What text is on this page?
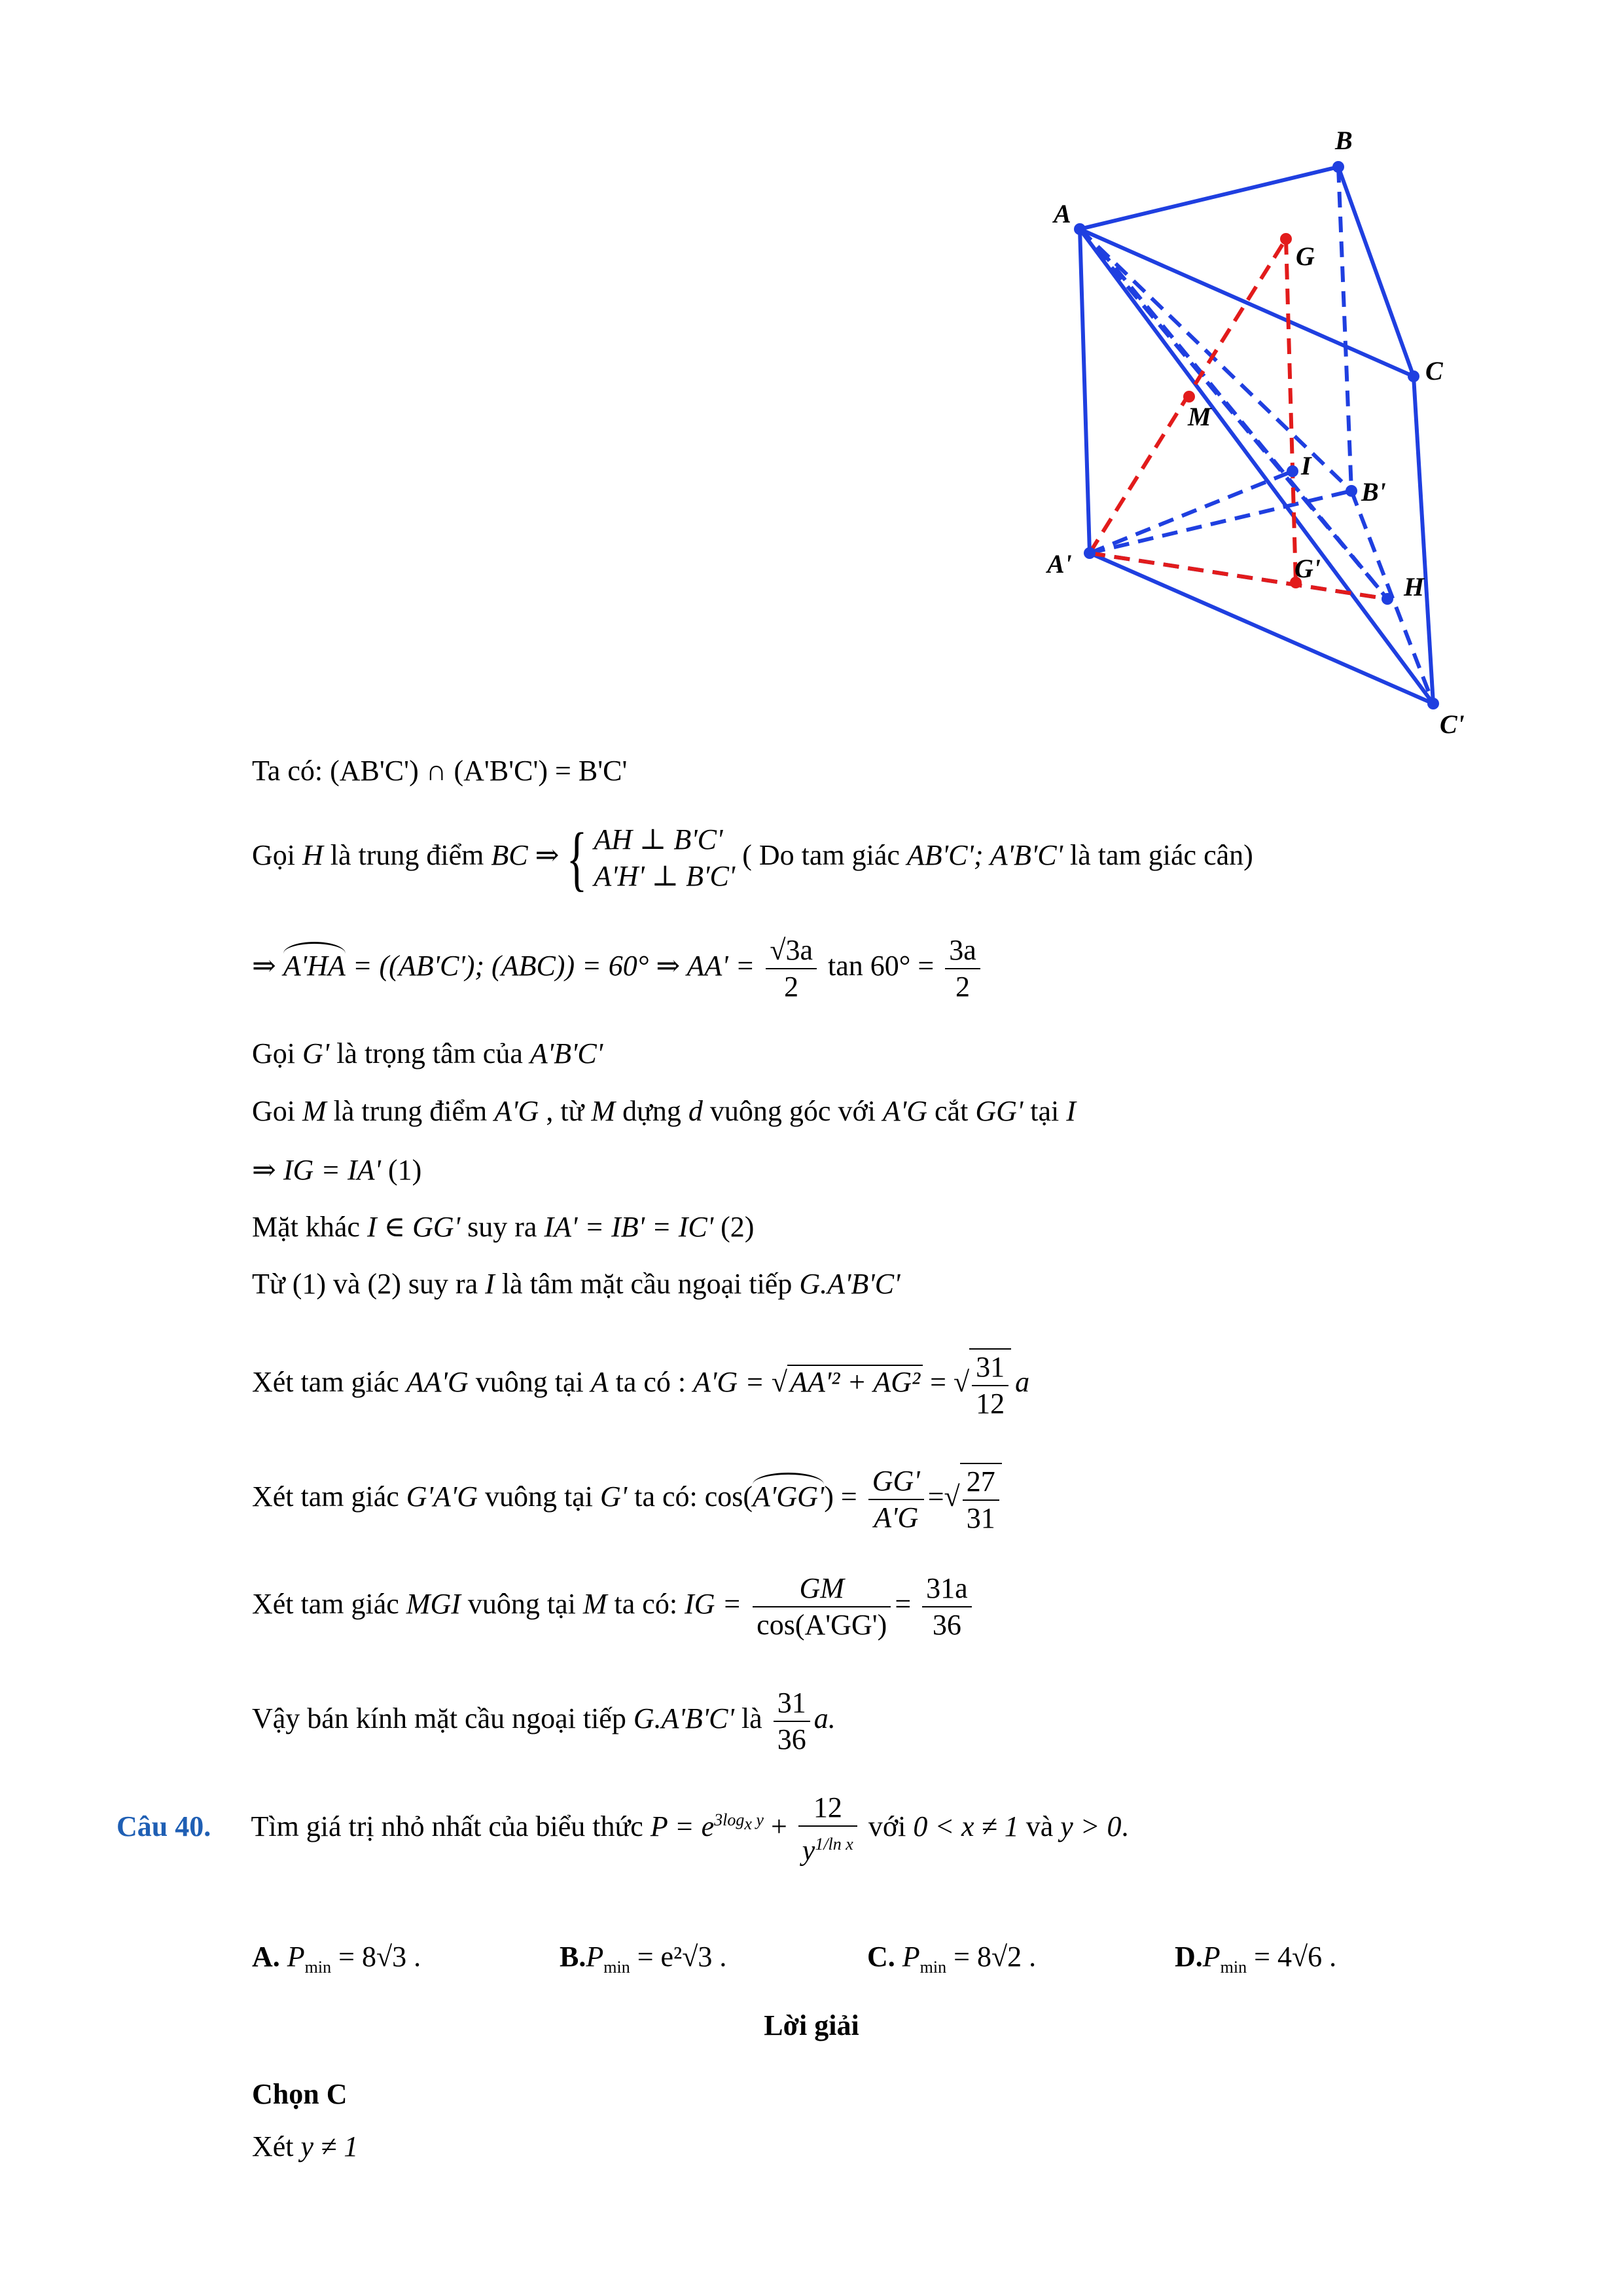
A
B
C
G
M
I
B'
A'	G'
H
C'
Ta có: (AB'C') ∩ (A'B'C') = B'C'
Gọi H là trung điểm BC ⇒{ AH ⊥ B'C'
A'H' ⊥ B'C'
( Do tam giác AB'C'; A'B'C' là tam giác cân)
⇒ A'HA = ((AB'C'); (ABC)) = 60° ⇒ $AA' = \frac{√3a}{2}$ $\tan 60^\circ = \frac{3a}{2}$
Gọi G' là trọng tâm của A'B'C'
Goi M là trung điểm A'G , từ M dựng d vuông góc với A'G cắt GG' tại I
⇒ IG = IA' (1)
Mặt khác I ∈ GG' suy ra IA' = IB' = IC' (2)
Từ (1) và (2) suy ra I là tâm mặt cầu ngoại tiếp G.A'B'C'
Xét tam giác AA'G vuông tại A ta có : A'G = √AA'² + AG² = √ $\frac{31}{12}$ a
Xét tam giác G'A'G vuông tại G' ta có: $\cos(A'GG') = \frac{GG'}{A'G}$ =√ $\frac{27}{31}$
Xét tam giác MGI vuông tại M ta có: IG = $\frac{GM}{\cos(A'GG')} = \frac{31a}{36}$
Vậy bán kính mặt cầu ngoại tiếp G.A'B'C' là $\frac{31}{36} a$.
Câu 40. Tìm giá trị nhỏ nhất của biểu thức $P = e^{3logx y} + \frac{12}{y^{1/ln x}}$ với 0 < x ≠ 1 và y > 0.
A. $P_{min} = 8√3$ .	$B.P_{min} = e^2√3$ .	C. $P_{min} = 8√2$ .	$D.P_{min} = 4√6$ .
Lời giải
Chọn C
Xét y ≠ 1
